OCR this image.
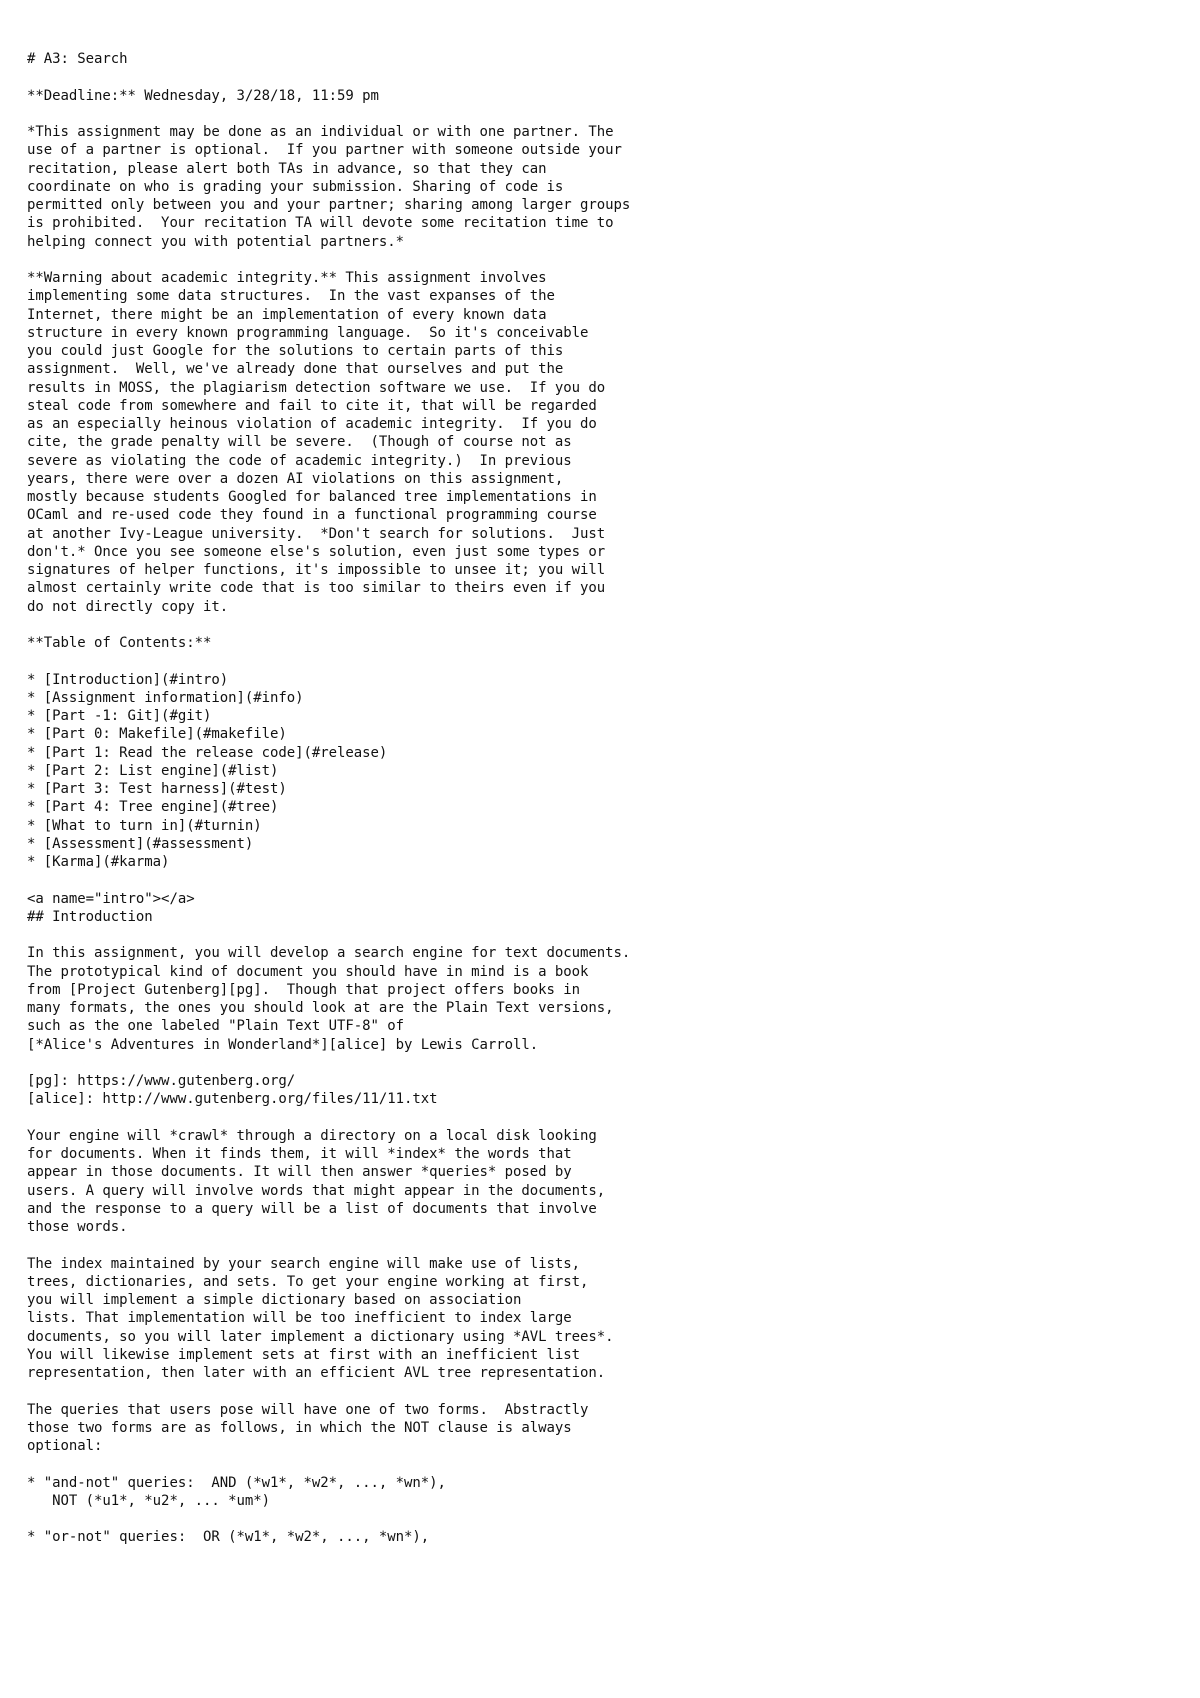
# A3: Search
**Deadline:** Wednesday, 3/28/18, 11:59 pm
*This assignment may be done as an individual or with one partner. The
use of a partner is optional.  If you partner with someone outside your
recitation, please alert both TAs in advance, so that they can
coordinate on who is grading your submission. Sharing of code is
permitted only between you and your partner; sharing among larger groups
is prohibited.  Your recitation TA will devote some recitation time to
helping connect you with potential partners.*
**Warning about academic integrity.** This assignment involves
implementing some data structures.  In the vast expanses of the
Internet, there might be an implementation of every known data
structure in every known programming language.  So it's conceivable
you could just Google for the solutions to certain parts of this
assignment.  Well, we've already done that ourselves and put the
results in MOSS, the plagiarism detection software we use.  If you do
steal code from somewhere and fail to cite it, that will be regarded
as an especially heinous violation of academic integrity.  If you do
cite, the grade penalty will be severe.  (Though of course not as
severe as violating the code of academic integrity.)  In previous
years, there were over a dozen AI violations on this assignment,
mostly because students Googled for balanced tree implementations in
OCaml and re-used code they found in a functional programming course
at another Ivy-League university.  *Don't search for solutions.  Just
don't.* Once you see someone else's solution, even just some types or
signatures of helper functions, it's impossible to unsee it; you will
almost certainly write code that is too similar to theirs even if you
do not directly copy it.
**Table of Contents:**
* [Introduction](#intro)
* [Assignment information](#info)
* [Part -1: Git](#git)
* [Part 0: Makefile](#makefile)
* [Part 1: Read the release code](#release)
* [Part 2: List engine](#list)
* [Part 3: Test harness](#test)
* [Part 4: Tree engine](#tree)
* [What to turn in](#turnin)
* [Assessment](#assessment)
* [Karma](#karma)
<a name="intro"></a>
## Introduction
In this assignment, you will develop a search engine for text documents.
The prototypical kind of document you should have in mind is a book
from [Project Gutenberg][pg].  Though that project offers books in
many formats, the ones you should look at are the Plain Text versions,
such as the one labeled "Plain Text UTF-8" of
[*Alice's Adventures in Wonderland*][alice] by Lewis Carroll.
[pg]: https://www.gutenberg.org/
[alice]: http://www.gutenberg.org/files/11/11.txt
Your engine will *crawl* through a directory on a local disk looking
for documents. When it finds them, it will *index* the words that
appear in those documents. It will then answer *queries* posed by
users. A query will involve words that might appear in the documents,
and the response to a query will be a list of documents that involve
those words.
The index maintained by your search engine will make use of lists,
trees, dictionaries, and sets. To get your engine working at first,
you will implement a simple dictionary based on association
lists. That implementation will be too inefficient to index large
documents, so you will later implement a dictionary using *AVL trees*.
You will likewise implement sets at first with an inefficient list
representation, then later with an efficient AVL tree representation.
The queries that users pose will have one of two forms.  Abstractly
those two forms are as follows, in which the NOT clause is always
optional:
* "and-not" queries:  AND (*w1*, *w2*, ..., *wn*),
NOT (*u1*, *u2*, ... *um*)
* "or-not" queries:  OR (*w1*, *w2*, ..., *wn*),
